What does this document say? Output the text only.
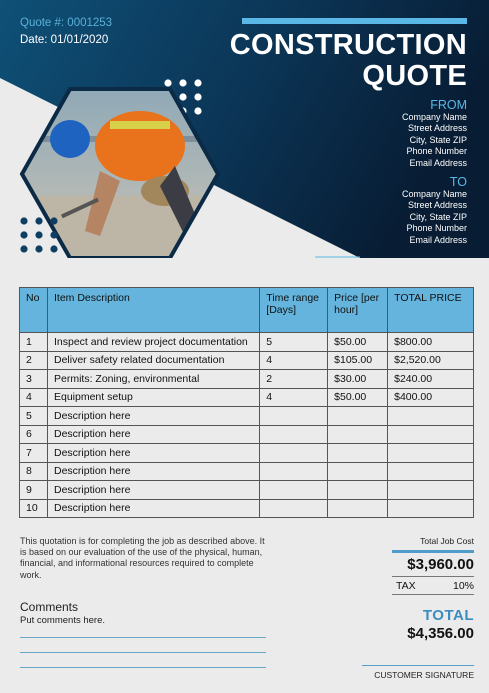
Quote #: 0001253
Date: 01/01/2020	CONSTRUCTION
QUOTE
FROM
Company Name
Street Address
City, State ZIP
Phone Number
Email Address
TO
Company Name
Street Address
City, State ZIP
Phone Number
Email Address
No	Item Description	Time range [Days]	Price [per hour]	TOTAL PRICE
1	Inspect and review project documentation	5	$50.00	$800.00
2	Deliver safety related documentation	4	$105.00	$2,520.00
3	Permits: Zoning, environmental	2	$30.00	$240.00
4	Equipment setup	4	$50.00	$400.00
5	Description here			
6	Description here			
7	Description here			
8	Description here			
9	Description here			
10	Description here			
This quotation is for completing the job as described above. It is based on our evaluation of the use of the physical, human, financial, and informational resources required to complete work.
Comments
Put comments here.
Total Job Cost
$3,960.00
TAX	10%
TOTAL
$4,356.00
CUSTOMER SIGNATURE
